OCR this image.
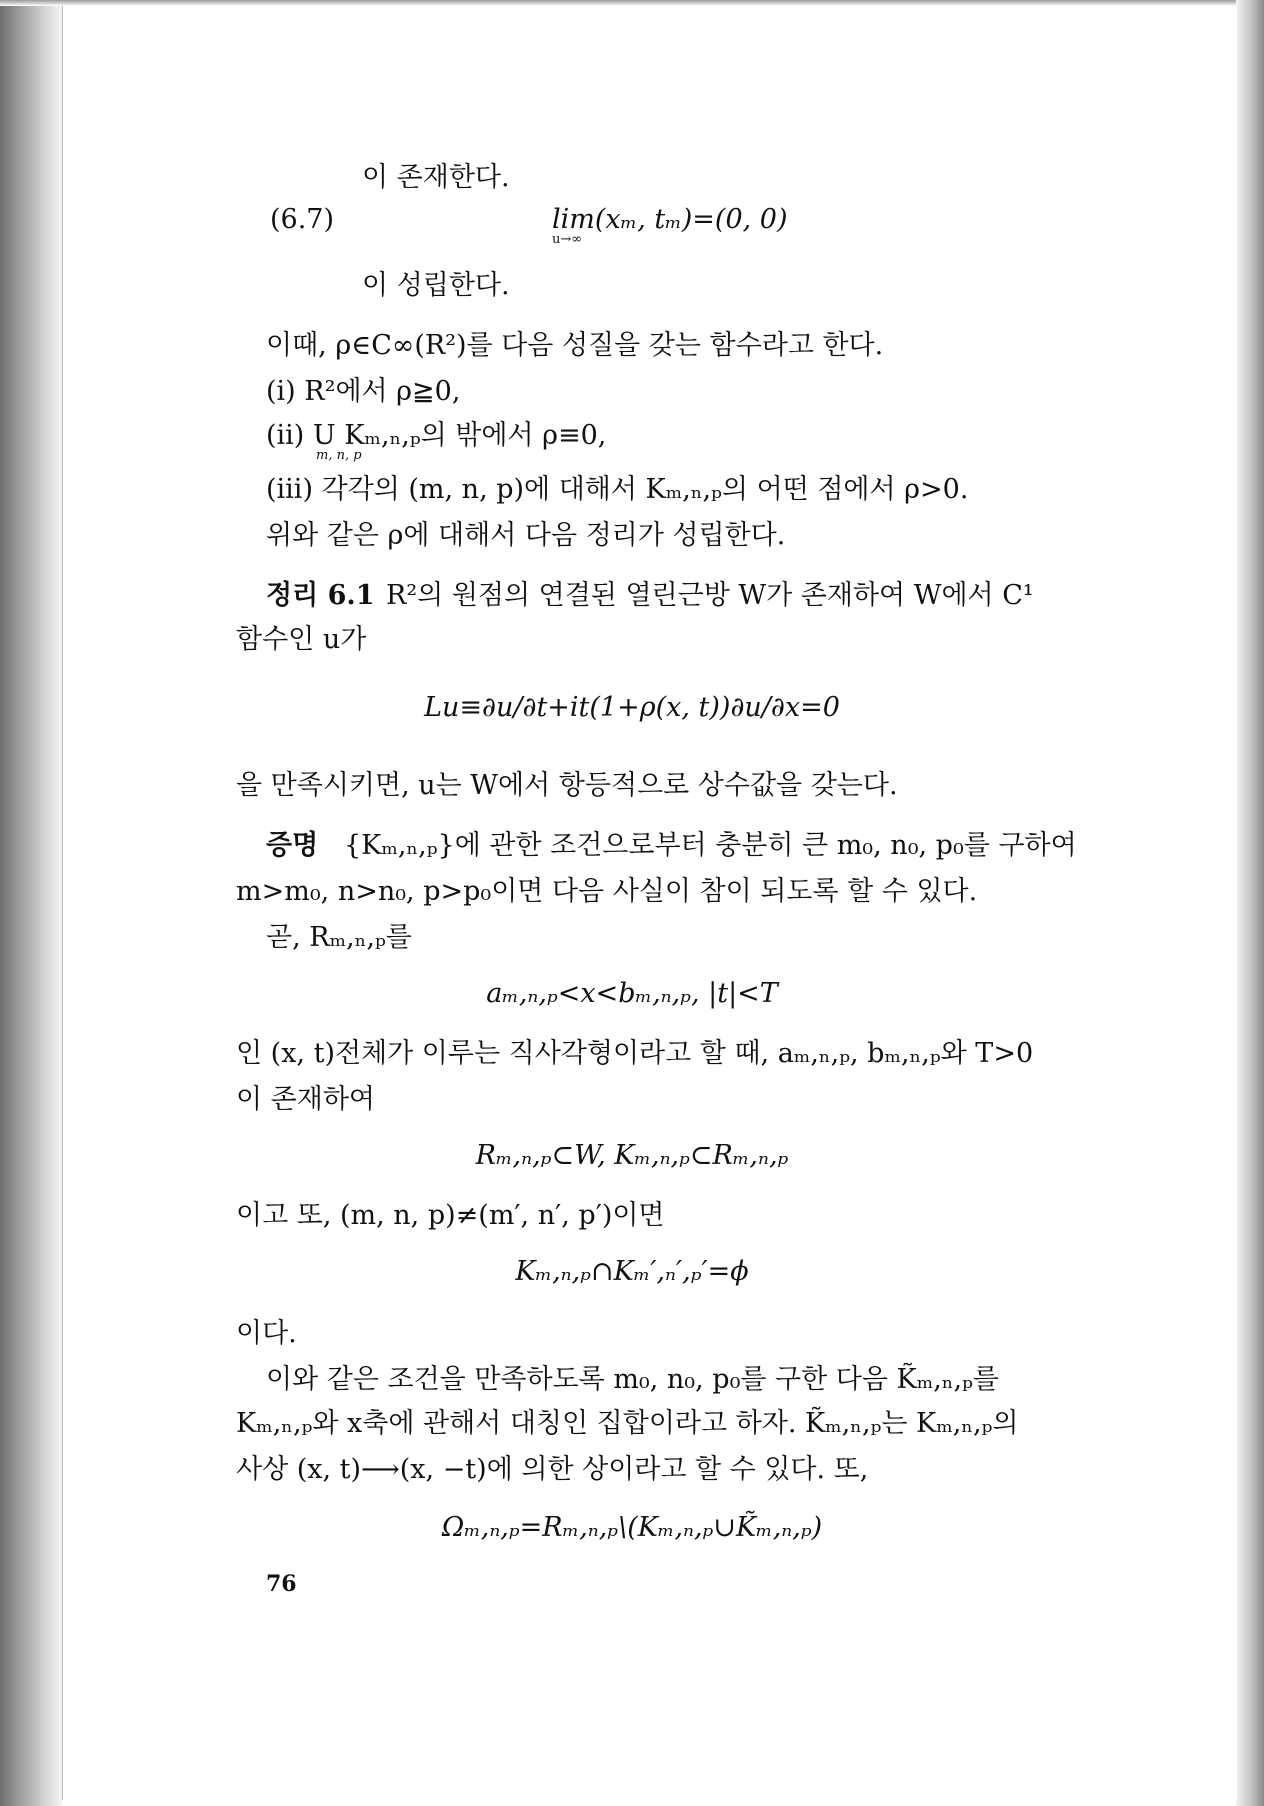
이 존재한다.
(6.7)	lim(xₘ, tₘ)=(0, 0)
u→∞
이 성립한다.
이때, ρ∈C∞(R²)를 다음 성질을 갖는 함수라고 한다.
(i) R²에서 ρ≧0,
(ii) U Kₘ,ₙ,ₚ의 밖에서 ρ≡0,
m, n, p
(iii) 각각의 (m, n, p)에 대해서 Kₘ,ₙ,ₚ의 어떤 점에서 ρ>0.
위와 같은 ρ에 대해서 다음 정리가 성립한다.
정리 6.1 R²의 원점의 연결된 열린근방 W가 존재하여 W에서 C¹
함수인 u가
Lu≡∂u/∂t+it(1+ρ(x, t))∂u/∂x=0
을 만족시키면, u는 W에서 항등적으로 상수값을 갖는다.
증명 {Kₘ,ₙ,ₚ}에 관한 조건으로부터 충분히 큰 m₀, n₀, p₀를 구하여
m>m₀, n>n₀, p>p₀이면 다음 사실이 참이 되도록 할 수 있다.
곧, Rₘ,ₙ,ₚ를
aₘ,ₙ,ₚ<x<bₘ,ₙ,ₚ, |t|<T
인 (x, t)전체가 이루는 직사각형이라고 할 때, aₘ,ₙ,ₚ, bₘ,ₙ,ₚ와 T>0
이 존재하여
Rₘ,ₙ,ₚ⊂W, Kₘ,ₙ,ₚ⊂Rₘ,ₙ,ₚ
이고 또, (m, n, p)≠(m′, n′, p′)이면
Kₘ,ₙ,ₚ∩Kₘ′,ₙ′,ₚ′=ϕ
이다.
이와 같은 조건을 만족하도록 m₀, n₀, p₀를 구한 다음 K̃ₘ,ₙ,ₚ를
Kₘ,ₙ,ₚ와 x축에 관해서 대칭인 집합이라고 하자. K̃ₘ,ₙ,ₚ는 Kₘ,ₙ,ₚ의
사상 (x, t)⟶(x, −t)에 의한 상이라고 할 수 있다. 또,
Ωₘ,ₙ,ₚ=Rₘ,ₙ,ₚ\(Kₘ,ₙ,ₚ∪K̃ₘ,ₙ,ₚ)
76
